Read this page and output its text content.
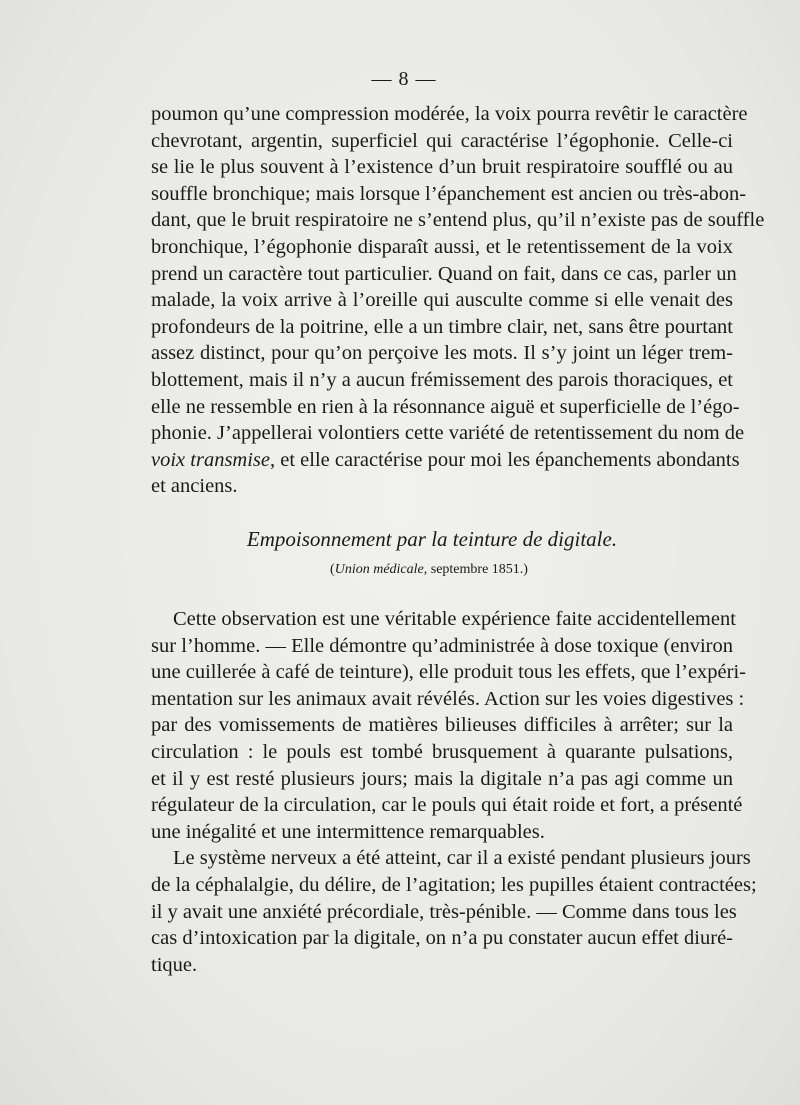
— 8 —
poumon qu’une compression modérée, la voix pourra revêtir le caractère
chevrotant, argentin, superficiel qui caractérise l’égophonie. Celle-ci
se lie le plus souvent à l’existence d’un bruit respiratoire soufflé ou au
souffle bronchique; mais lorsque l’épanchement est ancien ou très-abon-
dant, que le bruit respiratoire ne s’entend plus, qu’il n’existe pas de souffle
bronchique, l’égophonie disparaît aussi, et le retentissement de la voix
prend un caractère tout particulier. Quand on fait, dans ce cas, parler un
malade, la voix arrive à l’oreille qui ausculte comme si elle venait des
profondeurs de la poitrine, elle a un timbre clair, net, sans être pourtant
assez distinct, pour qu’on perçoive les mots. Il s’y joint un léger trem-
blottement, mais il n’y a aucun frémissement des parois thoraciques, et
elle ne ressemble en rien à la résonnance aiguë et superficielle de l’égo-
phonie. J’appellerai volontiers cette variété de retentissement du nom de
voix transmise, et elle caractérise pour moi les épanchements abondants
et anciens.
Empoisonnement par la teinture de digitale.
(Union médicale, septembre 1851.)
Cette observation est une véritable expérience faite accidentellement
sur l’homme. — Elle démontre qu’administrée à dose toxique (environ
une cuillerée à café de teinture), elle produit tous les effets, que l’expéri-
mentation sur les animaux avait révélés. Action sur les voies digestives :
par des vomissements de matières bilieuses difficiles à arrêter; sur la
circulation : le pouls est tombé brusquement à quarante pulsations,
et il y est resté plusieurs jours; mais la digitale n’a pas agi comme un
régulateur de la circulation, car le pouls qui était roide et fort, a présenté
une inégalité et une intermittence remarquables.
Le système nerveux a été atteint, car il a existé pendant plusieurs jours
de la céphalalgie, du délire, de l’agitation; les pupilles étaient contractées;
il y avait une anxiété précordiale, très-pénible. — Comme dans tous les
cas d’intoxication par la digitale, on n’a pu constater aucun effet diuré-
tique.
